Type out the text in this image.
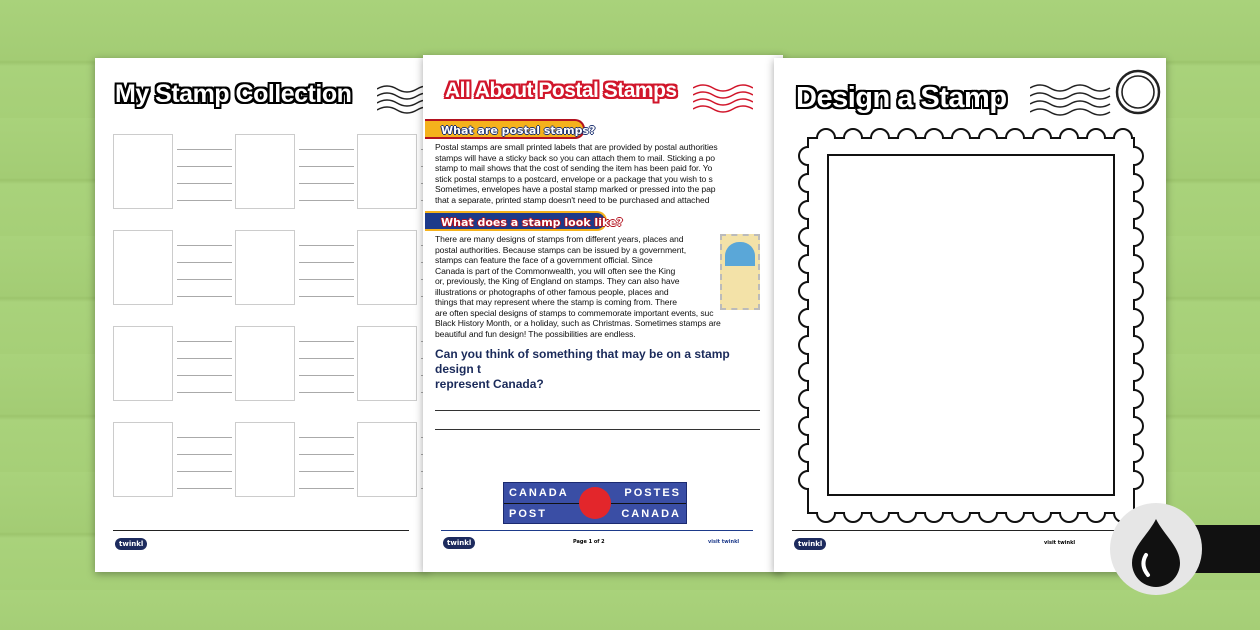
My Stamp Collection
twinkl
All About Postal Stamps
What are postal stamps?
Postal stamps are small printed labels that are provided by postal authorities
stamps will have a sticky back so you can attach them to mail. Sticking a po
stamp to mail shows that the cost of sending the item has been paid for. Yo
stick postal stamps to a postcard, envelope or a package that you wish to s
Sometimes, envelopes have a postal stamp marked or pressed into the pap
that a separate, printed stamp doesn't need to be purchased and attached
What does a stamp look like?
There are many designs of stamps from different years, places and
postal authorities. Because stamps can be issued by a government,
stamps can feature the face of a government official. Since
Canada is part of the Commonwealth, you will often see the King
or, previously, the King of England on stamps. They can also have
illustrations or photographs of other famous people, places and
things that may represent where the stamp is coming from. There
are often special designs of stamps to commemorate important events, suc
Black History Month, or a holiday, such as Christmas. Sometimes stamps are
beautiful and fun design! The possibilities are endless.
Can you think of something that may be on a stamp design t
represent Canada?
CANADA	POSTES
POST	CANADA
twinkl	Page 1 of 2	visit twinkl
Design a Stamp
twinkl	visit twinkl
